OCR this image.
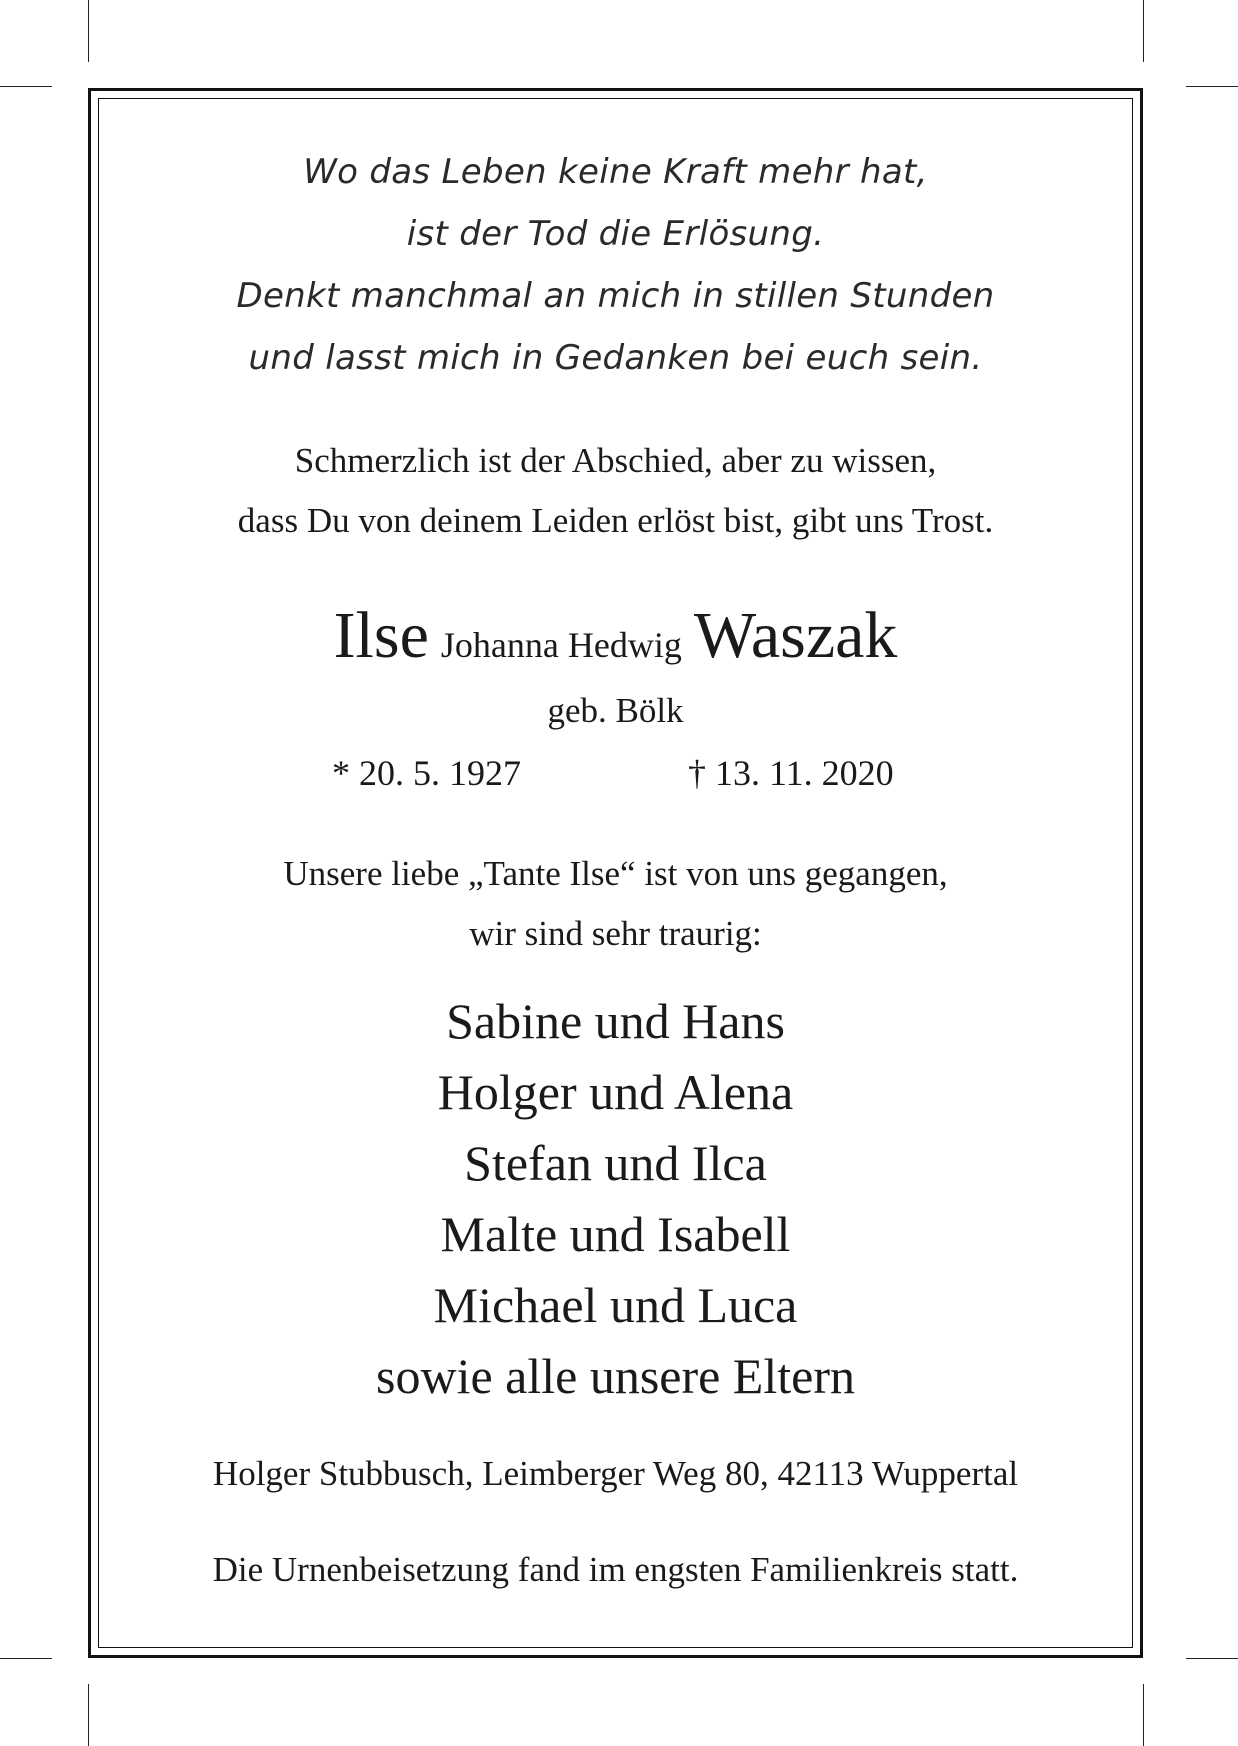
Wo das Leben keine Kraft mehr hat,
ist der Tod die Erlösung.
Denkt manchmal an mich in stillen Stunden
und lasst mich in Gedanken bei euch sein.
Schmerzlich ist der Abschied, aber zu wissen,
dass Du von deinem Leiden erlöst bist, gibt uns Trost.
Ilse Johanna Hedwig Waszak
geb. Bölk
* 20. 5. 1927	† 13. 11. 2020
Unsere liebe „Tante Ilse“ ist von uns gegangen,
wir sind sehr traurig:
Sabine und Hans
Holger und Alena
Stefan und Ilca
Malte und Isabell
Michael und Luca
sowie alle unsere Eltern
Holger Stubbusch, Leimberger Weg 80, 42113 Wuppertal
Die Urnenbeisetzung fand im engsten Familienkreis statt.
